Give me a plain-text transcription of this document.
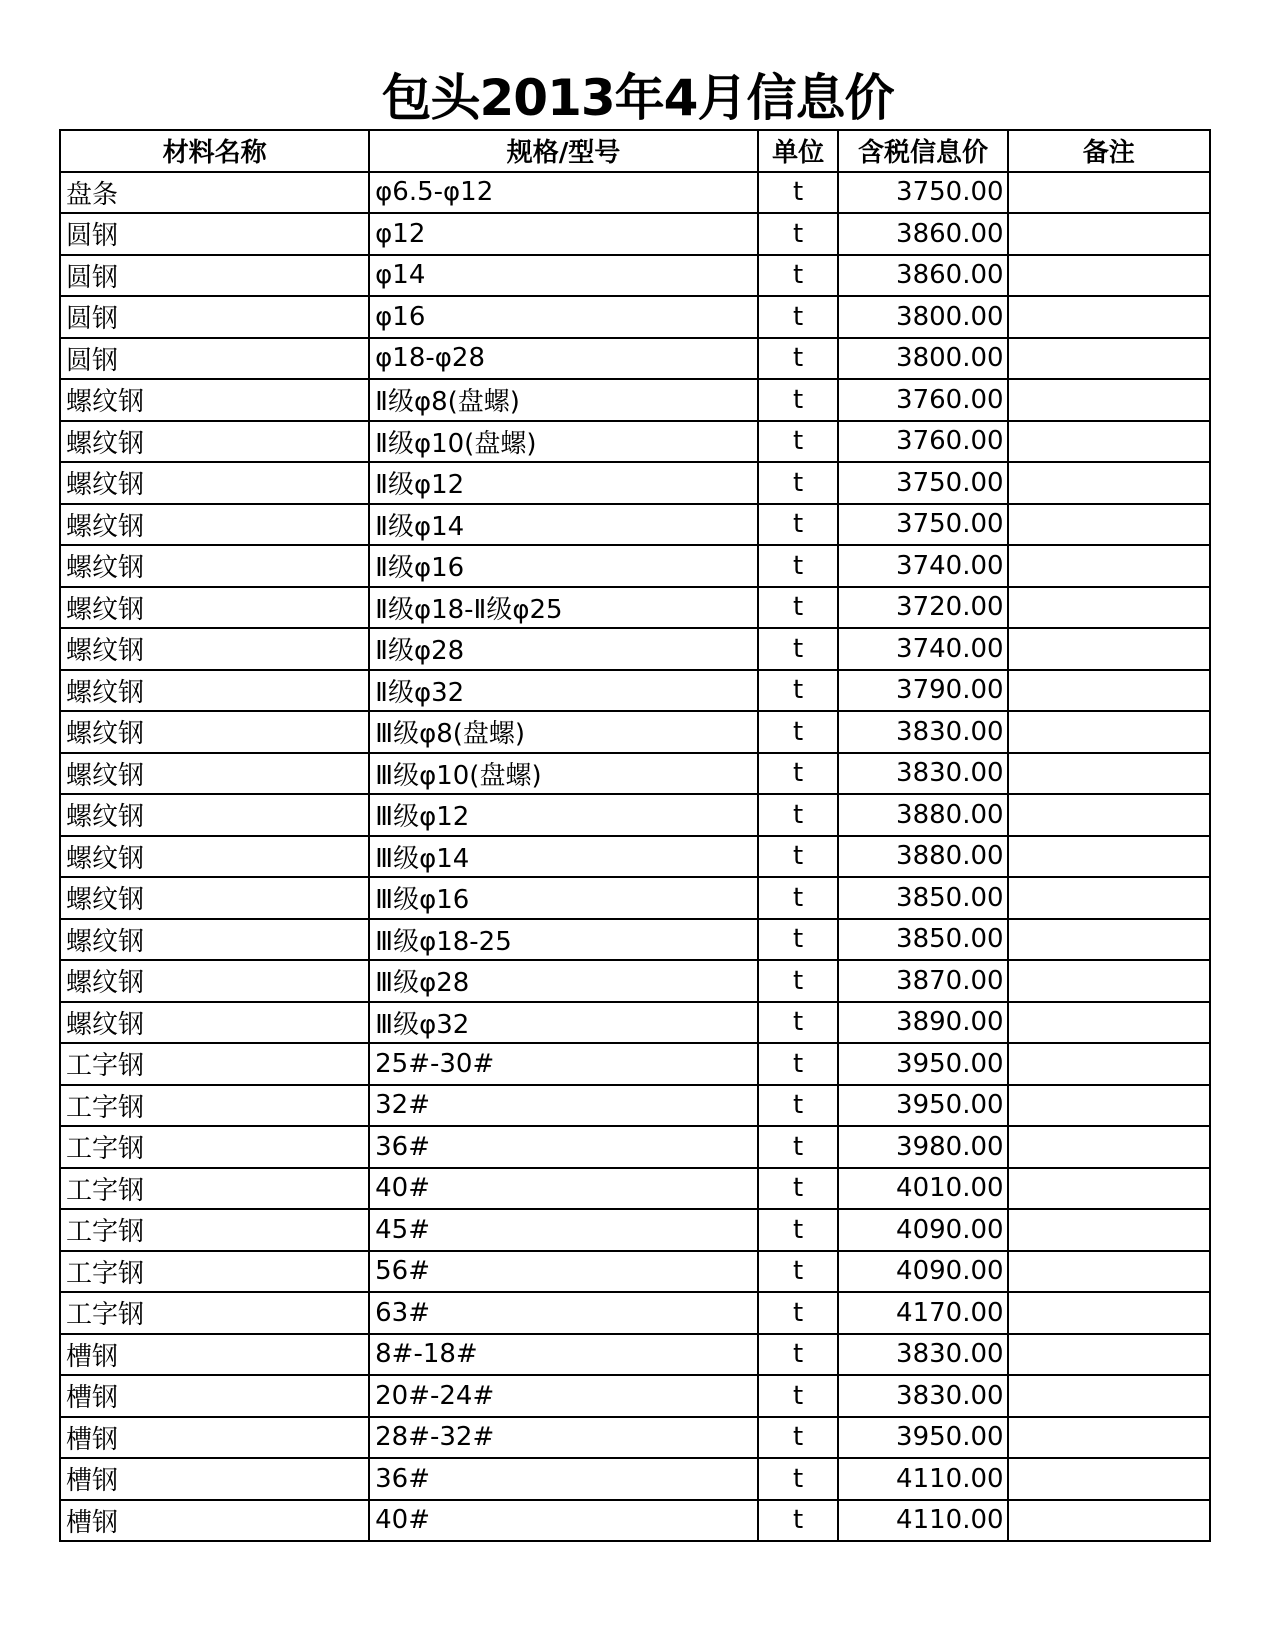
包头2013年4月信息价
材料名称	规格/型号	单位	含税信息价	备注
盘条	φ6.5-φ12	t	3750.00	
圆钢	φ12	t	3860.00	
圆钢	φ14	t	3860.00	
圆钢	φ16	t	3800.00	
圆钢	φ18-φ28	t	3800.00	
螺纹钢	Ⅱ级φ8(盘螺)	t	3760.00	
螺纹钢	Ⅱ级φ10(盘螺)	t	3760.00	
螺纹钢	Ⅱ级φ12	t	3750.00	
螺纹钢	Ⅱ级φ14	t	3750.00	
螺纹钢	Ⅱ级φ16	t	3740.00	
螺纹钢	Ⅱ级φ18-Ⅱ级φ25	t	3720.00	
螺纹钢	Ⅱ级φ28	t	3740.00	
螺纹钢	Ⅱ级φ32	t	3790.00	
螺纹钢	Ⅲ级φ8(盘螺)	t	3830.00	
螺纹钢	Ⅲ级φ10(盘螺)	t	3830.00	
螺纹钢	Ⅲ级φ12	t	3880.00	
螺纹钢	Ⅲ级φ14	t	3880.00	
螺纹钢	Ⅲ级φ16	t	3850.00	
螺纹钢	Ⅲ级φ18-25	t	3850.00	
螺纹钢	Ⅲ级φ28	t	3870.00	
螺纹钢	Ⅲ级φ32	t	3890.00	
工字钢	25#-30#	t	3950.00	
工字钢	32#	t	3950.00	
工字钢	36#	t	3980.00	
工字钢	40#	t	4010.00	
工字钢	45#	t	4090.00	
工字钢	56#	t	4090.00	
工字钢	63#	t	4170.00	
槽钢	8#-18#	t	3830.00	
槽钢	20#-24#	t	3830.00	
槽钢	28#-32#	t	3950.00	
槽钢	36#	t	4110.00	
槽钢	40#	t	4110.00	
